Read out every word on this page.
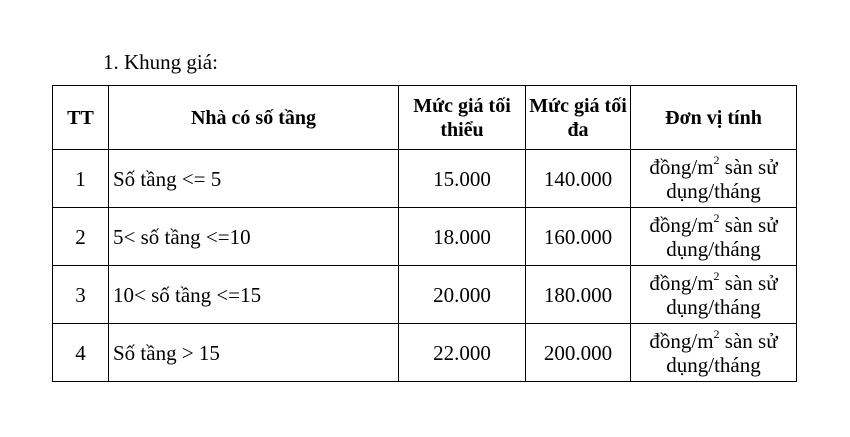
1. Khung giá:
TT	Nhà có số tầng	Mức giá tối thiểu	Mức giá tối đa	Đơn vị tính
1	Số tầng <= 5	15.000	140.000	đồng/$m^2$ sàn sử dụng/tháng
2	5< số tầng <=10	18.000	160.000	đồng/$m^2$ sàn sử dụng/tháng
3	10< số tầng <=15	20.000	180.000	đồng/$m^2$ sàn sử dụng/tháng
4	Số tầng > 15	22.000	200.000	đồng/$m^2$ sàn sử dụng/tháng
